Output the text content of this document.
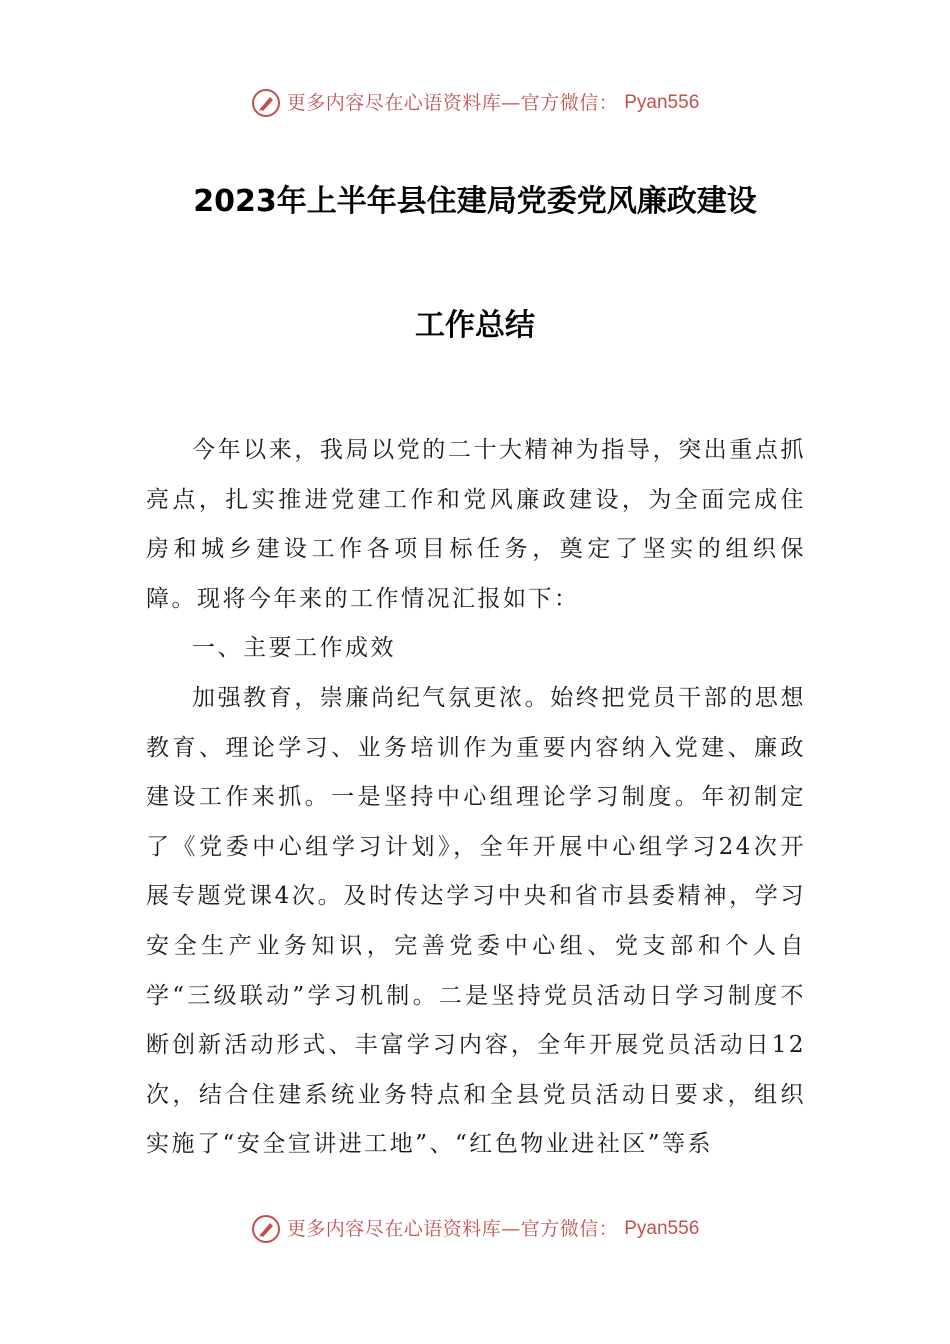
更多内容尽在心语资料库—官方微信： Pyan556
2023年上半年县住建局党委党风廉政建设
工作总结

今年以来，我局以党的二十大精神为指导，突出重点抓亮点，扎实推进党建工作和党风廉政建设，为全面完成住房和城乡建设工作各项目标任务，奠定了坚实的组织保障。现将今年来的工作情况汇报如下：

一、主要工作成效

加强教育，崇廉尚纪气氛更浓。始终把党员干部的思想教育、理论学习、业务培训作为重要内容纳入党建、廉政建设工作来抓。一是坚持中心组理论学习制度。年初制定了《党委中心组学习计划》，全年开展中心组学习24次开展专题党课4次。及时传达学习中央和省市县委精神，学习安全生产业务知识，完善党委中心组、党支部和个人自学“三级联动”学习机制。二是坚持党员活动日学习制度不断创新活动形式、丰富学习内容，全年开展党员活动日12次，结合住建系统业务特点和全县党员活动日要求，组织实施了“安全宣讲进工地”、“红色物业进社区”等系

更多内容尽在心语资料库—官方微信： Pyan556
